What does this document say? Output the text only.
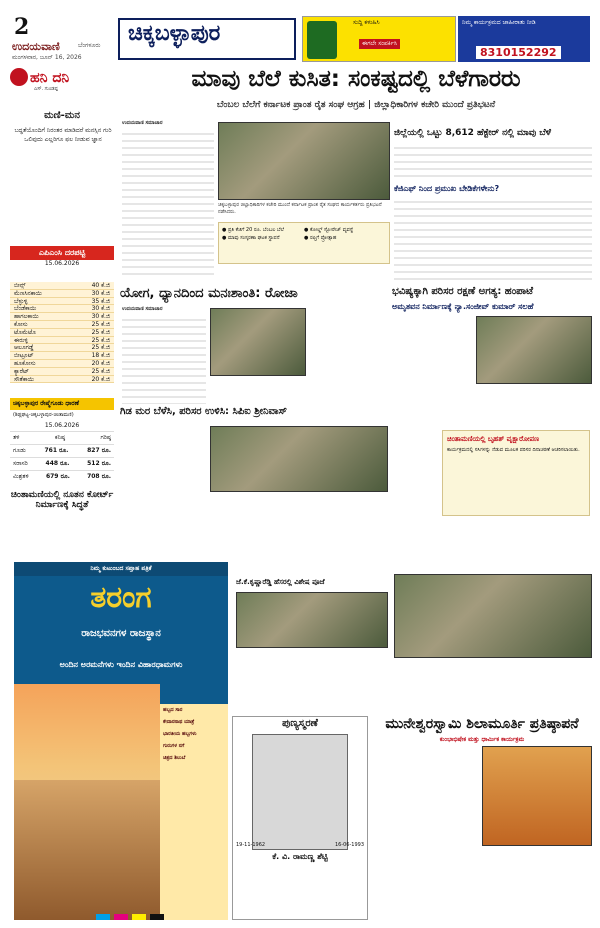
2
ಉದಯವಾಣಿ	ಬೆಂಗಳೂರು
ಮಂಗಳವಾರ, ಜೂನ್ 16, 2026
ಚಿಕ್ಕಬಳ್ಳಾಪುರ	ಸುದ್ದಿ ಕಳುಹಿಸಿ
ಈಗಲೇ ಸಂಪರ್ಕಿಸಿ
ನಿಮ್ಮ ಕಾರ್ಯಕ್ರಮದ ಜಾಹೀರಾತು ನೀಡಿ
8310152292
ಹನಿ ದನಿ
ಎಸ್. ಗುಂಡಪ್ಪ
ಮಣಿ-ಮನ
ಬದ್ಧತೆಯೊಂದಿಗೆ ನಿರಂತರ ಮಾಡಿದರೆ ಮನಸ್ಸಿನ ಗುರಿ ಒಲಿವುದು ಎಲ್ಲರಿಗೂ ಫಲ ನೀಡುವ ಜ್ಞಾನ
ಎಪಿಎಂಸಿ ದರಪಟ್ಟಿ
15.06.2026
ಬೀನ್ಸ್	40 ಕೆ.ಜಿ
ಮೆಣಸಿನಕಾಯಿ	30 ಕೆ.ಜಿ
ಬೆಳ್ಳುಳ್ಳಿ	35 ಕೆ.ಜಿ
ಬೆಂಡೆಕಾಯಿ	30 ಕೆ.ಜಿ
ಹಾಗಲಕಾಯಿ	30 ಕೆ.ಜಿ
ಕೋಸು	25 ಕೆ.ಜಿ
ಟೊಮೆಟೊ	25 ಕೆ.ಜಿ
ಈರುಳ್ಳಿ	25 ಕೆ.ಜಿ
ಆಲೂಗಡ್ಡೆ	25 ಕೆ.ಜಿ
ಬೀಟ್ರೂಟ್	18 ಕೆ.ಜಿ
ಹೂಕೋಸು	20 ಕೆ.ಜಿ
ಕ್ಯಾರೆಟ್	25 ಕೆ.ಜಿ
ಸೌತೆಕಾಯಿ	20 ಕೆ.ಜಿ
ಚಿಕ್ಕಬಳ್ಳಾಪುರ ರೇಷ್ಮೆಗೂಡು ಧಾರಣೆ
(ಶಿಡ್ಲಘಟ್ಟ-ಚಿಕ್ಕಬಳ್ಳಾಪುರ-ಚಿಂತಾಮಣಿ)
15.06.2026
ತಳಿ	ಕನಿಷ್ಠ	ಗರಿಷ್ಠ
ಗೂಡು	761 ರೂ.	827 ರೂ.
ಸರಾಸರಿ	448 ರೂ.	512 ರೂ.
ಮಿಶ್ರತಳಿ	679 ರೂ.	708 ರೂ.
ಚಿಂತಾಮಣಿಯಲ್ಲಿ ನೂತನ ಕೋರ್ಟ್ ನಿರ್ಮಾಣಕ್ಕೆ ಸಿದ್ಧತೆ
ಮಾವು ಬೆಲೆ ಕುಸಿತ: ಸಂಕಷ್ಟದಲ್ಲಿ ಬೆಳೆಗಾರರು
ಬೆಂಬಲ ಬೆಲೆಗೆ ಕರ್ನಾಟಕ ಪ್ರಾಂತ ರೈತ ಸಂಘ ಆಗ್ರಹ | ಜಿಲ್ಲಾಧಿಕಾರಿಗಳ ಕಚೇರಿ ಮುಂದೆ ಪ್ರತಿಭಟನೆ
ಉದಯವಾಣಿ ಸಮಾಚಾರ
ಚಿಕ್ಕಬಳ್ಳಾಪುರ ಜಿಲ್ಲಾಧಿಕಾರಿಗಳ ಕಚೇರಿ ಮುಂದೆ ಕರ್ನಾಟಕ ಪ್ರಾಂತ ರೈತ ಸಂಘದ ಕಾರ್ಯಕರ್ತರು ಪ್ರತಿಭಟನೆ ನಡೆಸಿದರು.
● ಪ್ರತಿ ಕೆಜಿಗೆ 20 ರೂ. ಬೆಂಬಲ ಬೆಲೆ	● ಕೋಲ್ಡ್ ಸ್ಟೋರೇಜ್ ವ್ಯವಸ್ಥೆ
● ಮಾವು ಸಂಸ್ಕರಣಾ ಘಟಕ ಸ್ಥಾಪನೆ	● ರಫ್ತಿಗೆ ಪ್ರೋತ್ಸಾಹ
ಜಿಲ್ಲೆಯಲ್ಲಿ ಒಟ್ಟು 8,612 ಹೆಕ್ಟೇರ್ ನಲ್ಲಿ ಮಾವು ಬೆಳೆ
ಕೆಜಿಎಫ್ ನಿಂದ ಪ್ರಮುಖ ಬೇಡಿಕೆಗಳೇನು?
ಯೋಗ, ಧ್ಯಾನದಿಂದ ಮನಃಶಾಂತಿ: ರೋಜಾ
ಉದಯವಾಣಿ ಸಮಾಚಾರ
ಭವಿಷ್ಯಕ್ಕಾಗಿ ಪರಿಸರ ರಕ್ಷಣೆ ಅಗತ್ಯ: ಹಂಪಾಟೆ
ಅಮೃತವನ ನಿರ್ಮಾಣಕ್ಕೆ ನ್ಯಾ.ಸಂಜೀವ್ ಕುಮಾರ್ ಸಲಹೆ
ಚಿಂತಾಮಣಿಯಲ್ಲಿ ಬೃಹತ್ ವೃಕ್ಷಾರೋಪಣ
ಕಾರ್ಯಕ್ರಮದಲ್ಲಿ ಸಸಿಗಳನ್ನು ನೆಡುವ ಮೂಲಕ ಪರಿಸರ ದಿನಾಚರಣೆ ಆಚರಿಸಲಾಯಿತು.
ಗಿಡ ಮರ ಬೆಳೆಸಿ, ಪರಿಸರ ಉಳಿಸಿ: ಸಿಪಿಐ ಶ್ರೀನಿವಾಸ್
ಜೆ.ಕೆ.ಕೃಷ್ಣಾರೆಡ್ಡಿ ಹೆಸರಲ್ಲಿ ವಿಶೇಷ ಪೂಜೆ
ನಿಮ್ಮ ಕುಟುಂಬದ ಸಪ್ತಾಹ ಪತ್ರಿಕೆ
ತರಂಗ
ರಾಜಭವನಗಳ ರಾಜಸ್ಥಾನ
ಅಂದಿನ ಅರಮನೆಗಳು ಇಂದಿನ ವಿಹಾರಧಾಮಗಳು
ಹಬ್ಬದ ಸಾರ
ಕೇದಾರನಾಥ ಯಾತ್ರೆ
ಭಾರತೀಯ ಹಬ್ಬಗಳು
ಗುರುಗಳ ನಗೆ
ಚಿತ್ರದ ಶಿಲುಬೆ
ಪುಣ್ಯಸ್ಮರಣೆ
19-11-1962	16-06-1993
ಕೆ. ವಿ. ರಾಮಣ್ಣ ಶೆಟ್ಟಿ
ಮುನೇಶ್ವರಸ್ವಾಮಿ ಶಿಲಾಮೂರ್ತಿ ಪ್ರತಿಷ್ಠಾಪನೆ
ಕುಂಭಾಭಿಷೇಕ ಮತ್ತು ಧಾರ್ಮಿಕ ಕಾರ್ಯಕ್ರಮ
